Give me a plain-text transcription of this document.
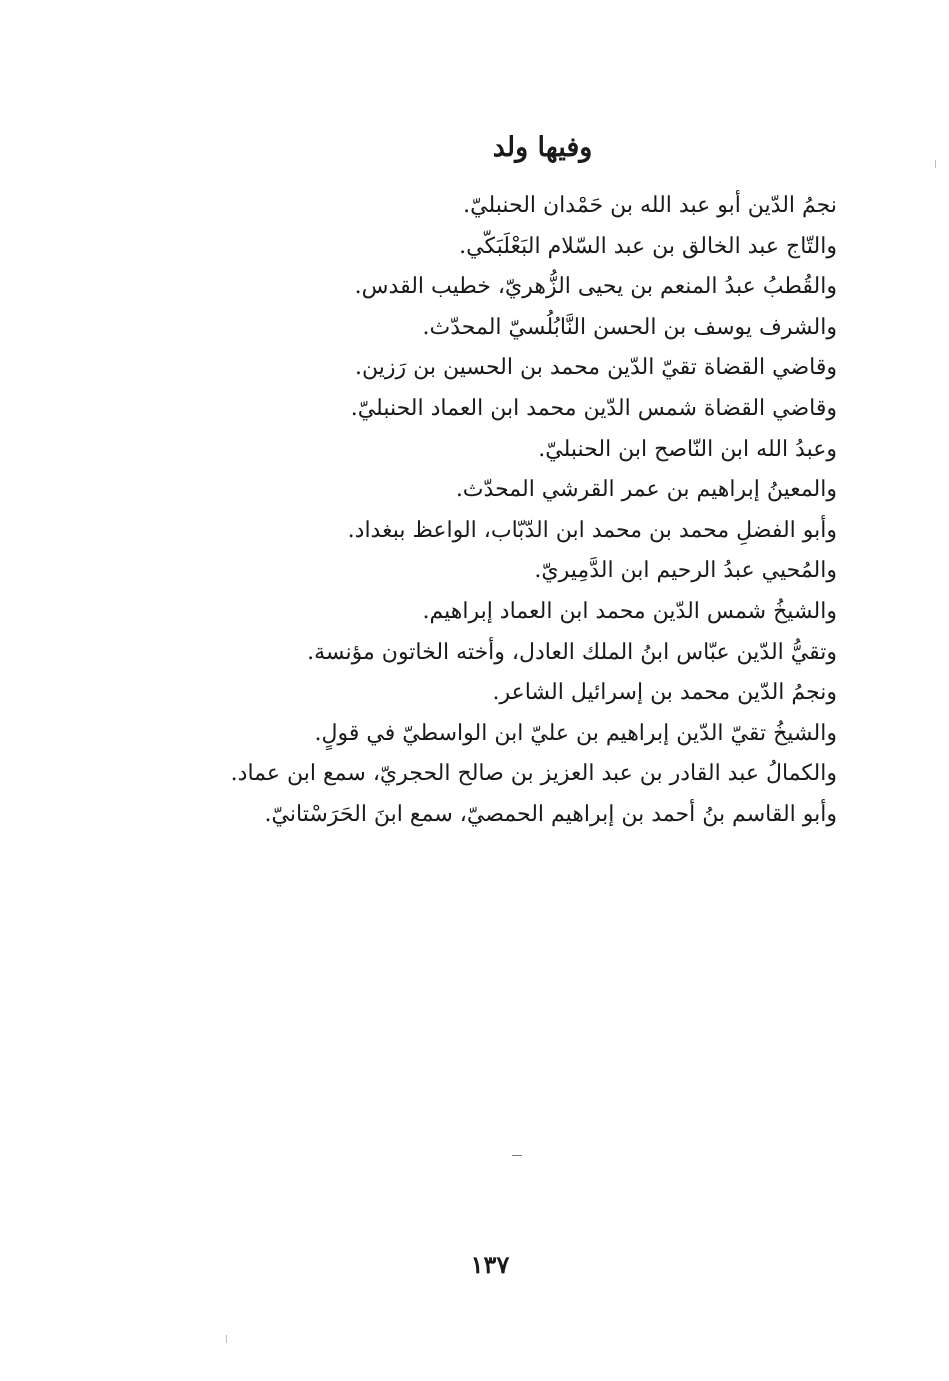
وفيها ولد
نجمُ الدّين أبو عبد الله بن حَمْدان الحنبليّ.
والتّاج عبد الخالق بن عبد السّلام البَعْلَبَكّي.
والقُطبُ عبدُ المنعم بن يحيى الزُّهريّ، خطيب القدس.
والشرف يوسف بن الحسن النَّابُلُسيّ المحدّث.
وقاضي القضاة تقيّ الدّين محمد بن الحسين بن رَزين.
وقاضي القضاة شمس الدّين محمد ابن العماد الحنبليّ.
وعبدُ الله ابن النّاصح ابن الحنبليّ.
والمعينُ إبراهيم بن عمر القرشي المحدّث.
وأبو الفضلِ محمد بن محمد ابن الدّبّاب، الواعظ ببغداد.
والمُحيي عبدُ الرحيم ابن الدَّمِيريّ.
والشيخُ شمس الدّين محمد ابن العماد إبراهيم.
وتقيُّ الدّين عبّاس ابنُ الملك العادل، وأخته الخاتون مؤنسة.
ونجمُ الدّين محمد بن إسرائيل الشاعر.
والشيخُ تقيّ الدّين إبراهيم بن عليّ ابن الواسطيّ في قولٍ.
والكمالُ عبد القادر بن عبد العزيز بن صالح الحجريّ، سمع ابن عماد.
وأبو القاسم بنُ أحمد بن إبراهيم الحمصيّ، سمع ابنَ الحَرَسْتانيّ.
١٣٧
